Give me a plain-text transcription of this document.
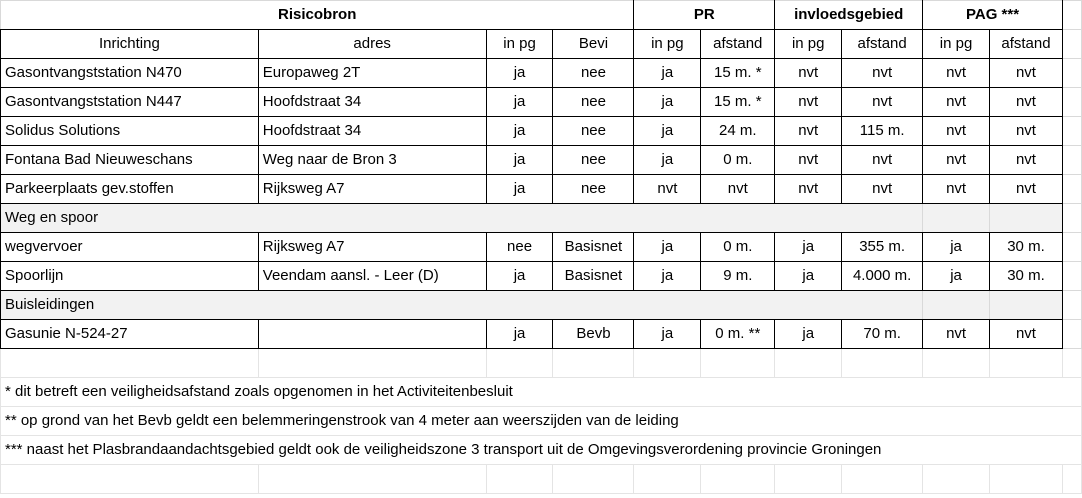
Risicobron				PR		invloedsgebied		PAG ***		
Inrichting	adres	in pg	Bevi	in pg	afstand	in pg	afstand	in pg	afstand	
Gasontvangststation N470	Europaweg 2T	ja	nee	ja	15 m. *	nvt	nvt	nvt	nvt	
Gasontvangststation N447	Hoofdstraat 34	ja	nee	ja	15 m. *	nvt	nvt	nvt	nvt	
Solidus Solutions	Hoofdstraat 34	ja	nee	ja	24 m.	nvt	115 m.	nvt	nvt	
Fontana Bad Nieuweschans	Weg naar de Bron 3	ja	nee	ja	0 m.	nvt	nvt	nvt	nvt	
Parkeerplaats gev.stoffen	Rijksweg A7	ja	nee	nvt	nvt	nvt	nvt	nvt	nvt	
Weg en spoor										
wegvervoer	Rijksweg A7	nee	Basisnet	ja	0 m.	ja	355 m.	ja	30 m.	
Spoorlijn	Veendam aansl. - Leer (D)	ja	Basisnet	ja	9 m.	ja	4.000 m.	ja	30 m.	
Buisleidingen										
Gasunie N-524-27		ja	Bevb	ja	0 m. **	ja	70 m.	nvt	nvt	

* dit betreft een veiligheidsafstand zoals opgenomen in het Activiteitenbesluit										
** op grond van het Bevb geldt een belemmeringenstrook van 4 meter aan weerszijden van de leiding										
*** naast het Plasbrandaandachtsgebied geldt ook de veiligheidszone 3 transport uit de Omgevingsverordening provincie Groningen										
